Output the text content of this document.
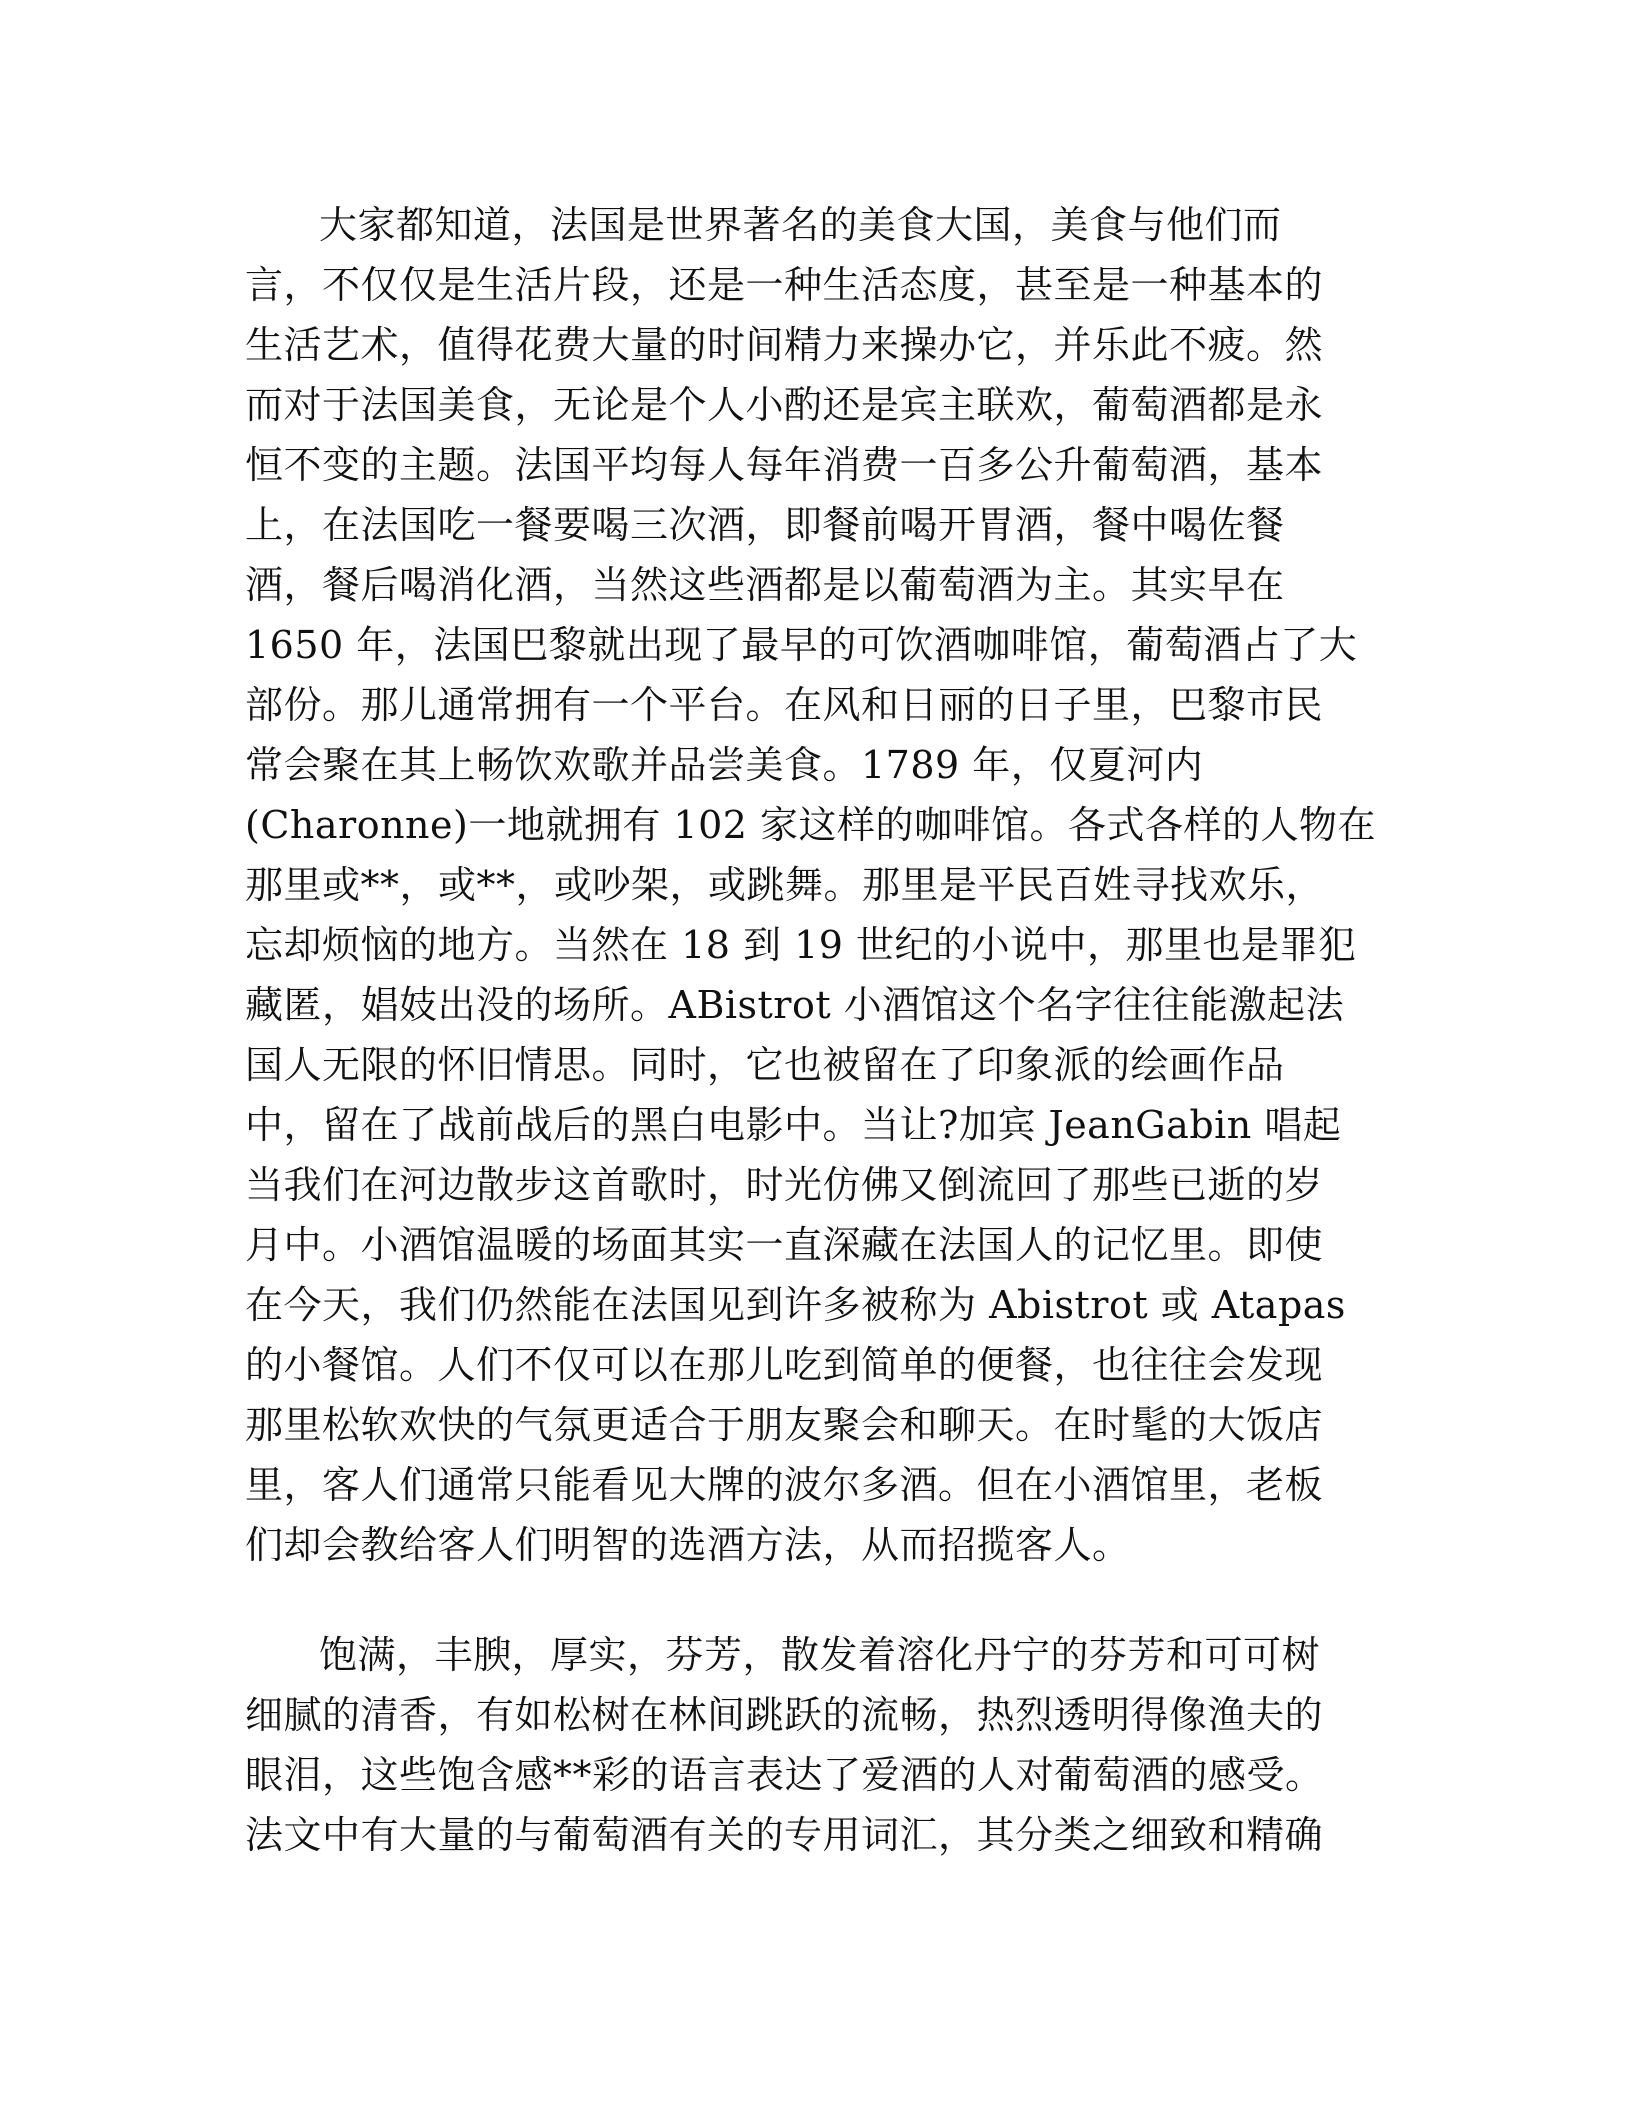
大家都知道，法国是世界著名的美食大国，美食与他们而
言，不仅仅是生活片段，还是一种生活态度，甚至是一种基本的
生活艺术，值得花费大量的时间精力来操办它，并乐此不疲。然
而对于法国美食，无论是个人小酌还是宾主联欢，葡萄酒都是永
恒不变的主题。法国平均每人每年消费一百多公升葡萄酒，基本
上，在法国吃一餐要喝三次酒，即餐前喝开胃酒，餐中喝佐餐
酒，餐后喝消化酒，当然这些酒都是以葡萄酒为主。其实早在
1650 年，法国巴黎就出现了最早的可饮酒咖啡馆，葡萄酒占了大
部份。那儿通常拥有一个平台。在风和日丽的日子里，巴黎市民
常会聚在其上畅饮欢歌并品尝美食。1789 年，仅夏河内
(Charonne)一地就拥有 102 家这样的咖啡馆。各式各样的人物在
那里或**，或**，或吵架，或跳舞。那里是平民百姓寻找欢乐，
忘却烦恼的地方。当然在 18 到 19 世纪的小说中，那里也是罪犯
藏匿，娼妓出没的场所。ABistrot 小酒馆这个名字往往能激起法
国人无限的怀旧情思。同时，它也被留在了印象派的绘画作品
中，留在了战前战后的黑白电影中。当让?加宾 JeanGabin 唱起
当我们在河边散步这首歌时，时光仿佛又倒流回了那些已逝的岁
月中。小酒馆温暖的场面其实一直深藏在法国人的记忆里。即使
在今天，我们仍然能在法国见到许多被称为 Abistrot 或 Atapas
的小餐馆。人们不仅可以在那儿吃到简单的便餐，也往往会发现
那里松软欢快的气氛更适合于朋友聚会和聊天。在时髦的大饭店
里，客人们通常只能看见大牌的波尔多酒。但在小酒馆里，老板
们却会教给客人们明智的选酒方法，从而招揽客人。

饱满，丰腴，厚实，芬芳，散发着溶化丹宁的芬芳和可可树
细腻的清香，有如松树在林间跳跃的流畅，热烈透明得像渔夫的
眼泪，这些饱含感**彩的语言表达了爱酒的人对葡萄酒的感受。
法文中有大量的与葡萄酒有关的专用词汇，其分类之细致和精确
